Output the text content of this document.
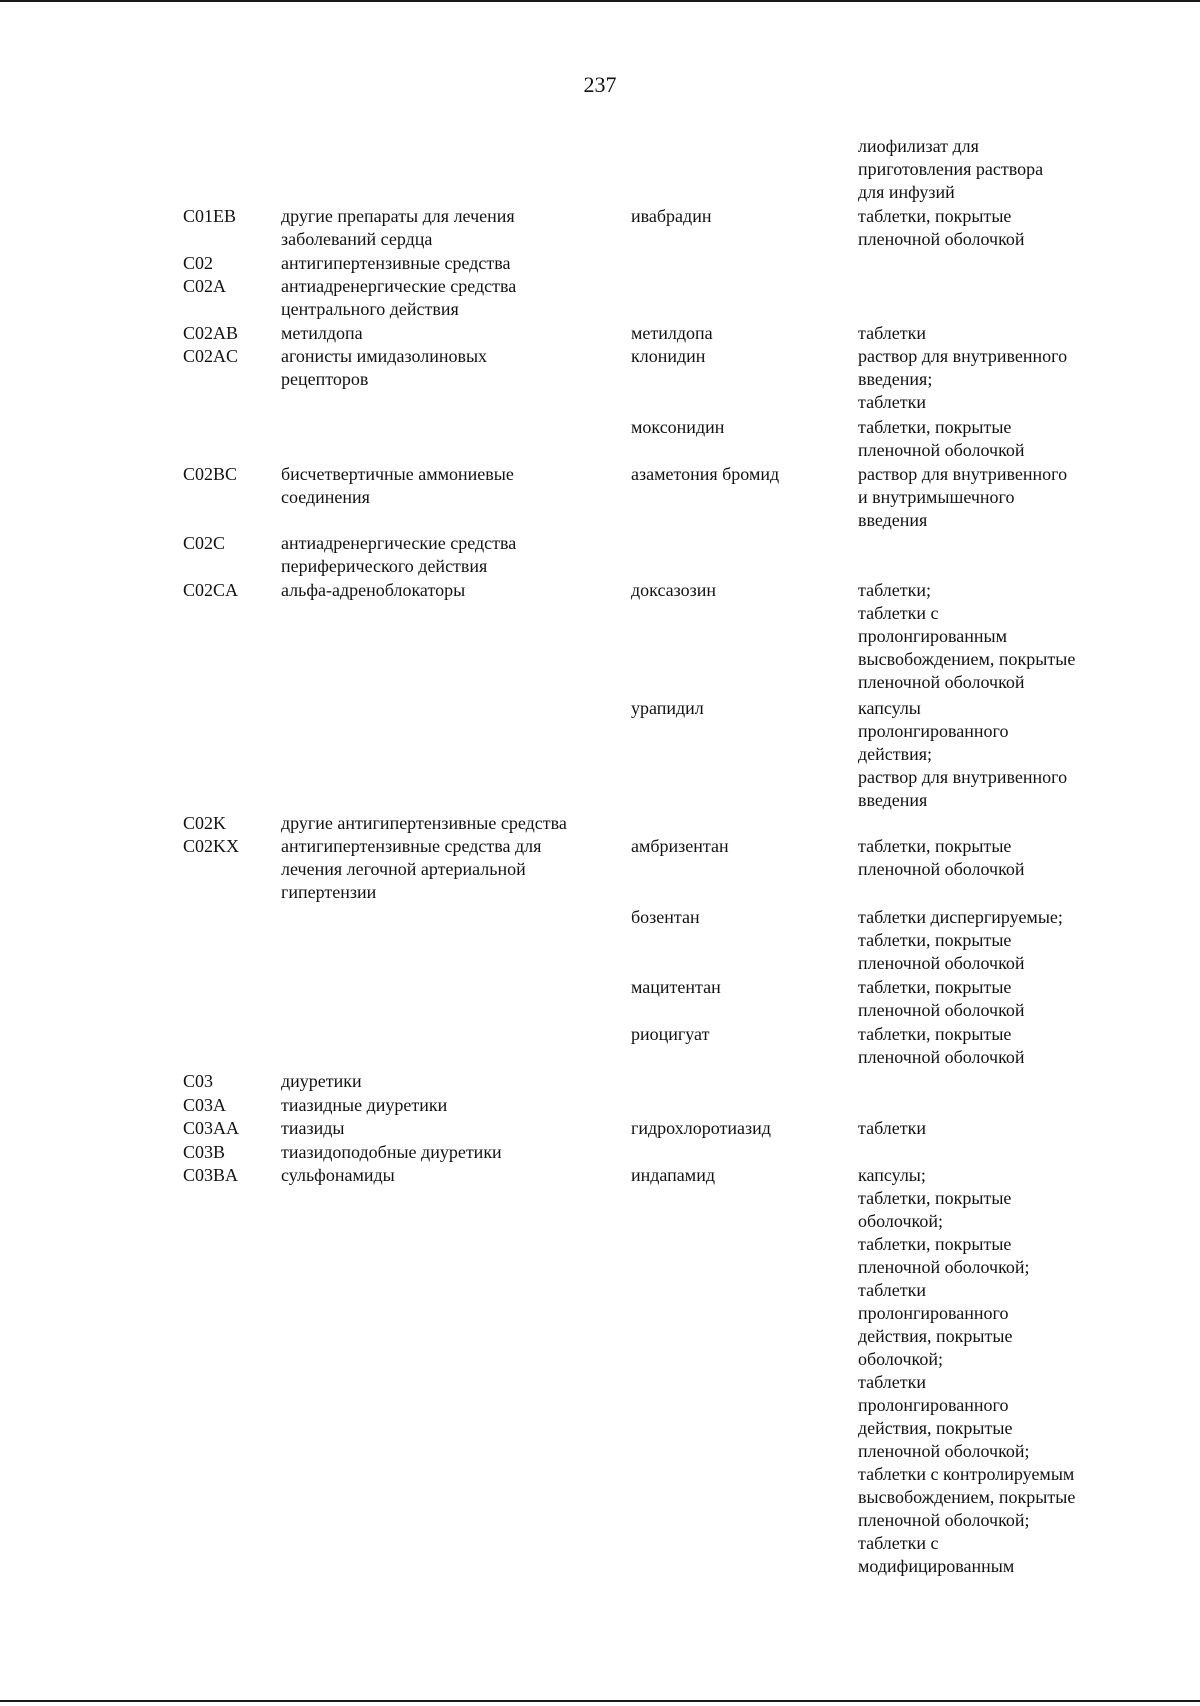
237
лиофилизат для
приготовления раствора
для инфузий
C01EB другие препараты для лечения
заболеваний сердца
ивабрадин	таблетки, покрытые
пленочной оболочкой
C02	антигипертензивные средства
C02A	антиадренергические средства
центрального действия
C02AB метилдопа	метилдопа	таблетки
C02AC агонисты имидазолиновых
рецепторов
клонидин	раствор для внутривенного
введения;
таблетки
моксонидин	таблетки, покрытые
пленочной оболочкой
C02BC бисчетвертичные аммониевые
соединения
азаметония бромид	раствор для внутривенного
и внутримышечного
введения
C02C	антиадренергические средства
периферического действия
C02CA альфа-адреноблокаторы	доксазозин	таблетки;
таблетки с
пролонгированным
высвобождением, покрытые
пленочной оболочкой
урапидил	капсулы
пролонгированного
действия;
раствор для внутривенного
введения
C02K	другие антигипертензивные средства
C02KX антигипертензивные средства для
лечения легочной артериальной
гипертензии
амбризентан	таблетки, покрытые
пленочной оболочкой
бозентан	таблетки диспергируемые;
таблетки, покрытые
пленочной оболочкой
мацитентан	таблетки, покрытые
пленочной оболочкой
риоцигуат	таблетки, покрытые
пленочной оболочкой
C03	диуретики
C03A	тиазидные диуретики
C03AA тиазиды	гидрохлоротиазид	таблетки
C03B	тиазидоподобные диуретики
C03BA сульфонамиды	индапамид	капсулы;
таблетки, покрытые
оболочкой;
таблетки, покрытые
пленочной оболочкой;
таблетки
пролонгированного
действия, покрытые
оболочкой;
таблетки
пролонгированного
действия, покрытые
пленочной оболочкой;
таблетки с контролируемым
высвобождением, покрытые
пленочной оболочкой;
таблетки с
модифицированным
